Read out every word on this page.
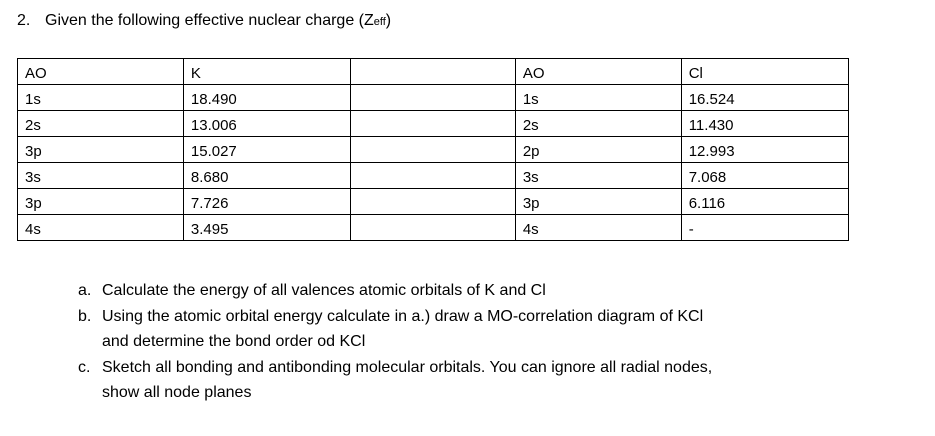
2. Given the following effective nuclear charge (Zeff)
AO	K		AO	Cl

1s	18.490		1s	16.524

2s	13.006		2s	11.430

3p	15.027		2p	12.993

3s	8.680		3s	7.068

3p	7.726		3p	6.116

4s	3.495		4s	-
a. Calculate the energy of all valences atomic orbitals of K and Cl
b. Using the atomic orbital energy calculate in a.) draw a MO-correlation diagram of KCl
and determine the bond order od KCl
c. Sketch all bonding and antibonding molecular orbitals. You can ignore all radial nodes,
show all node planes
